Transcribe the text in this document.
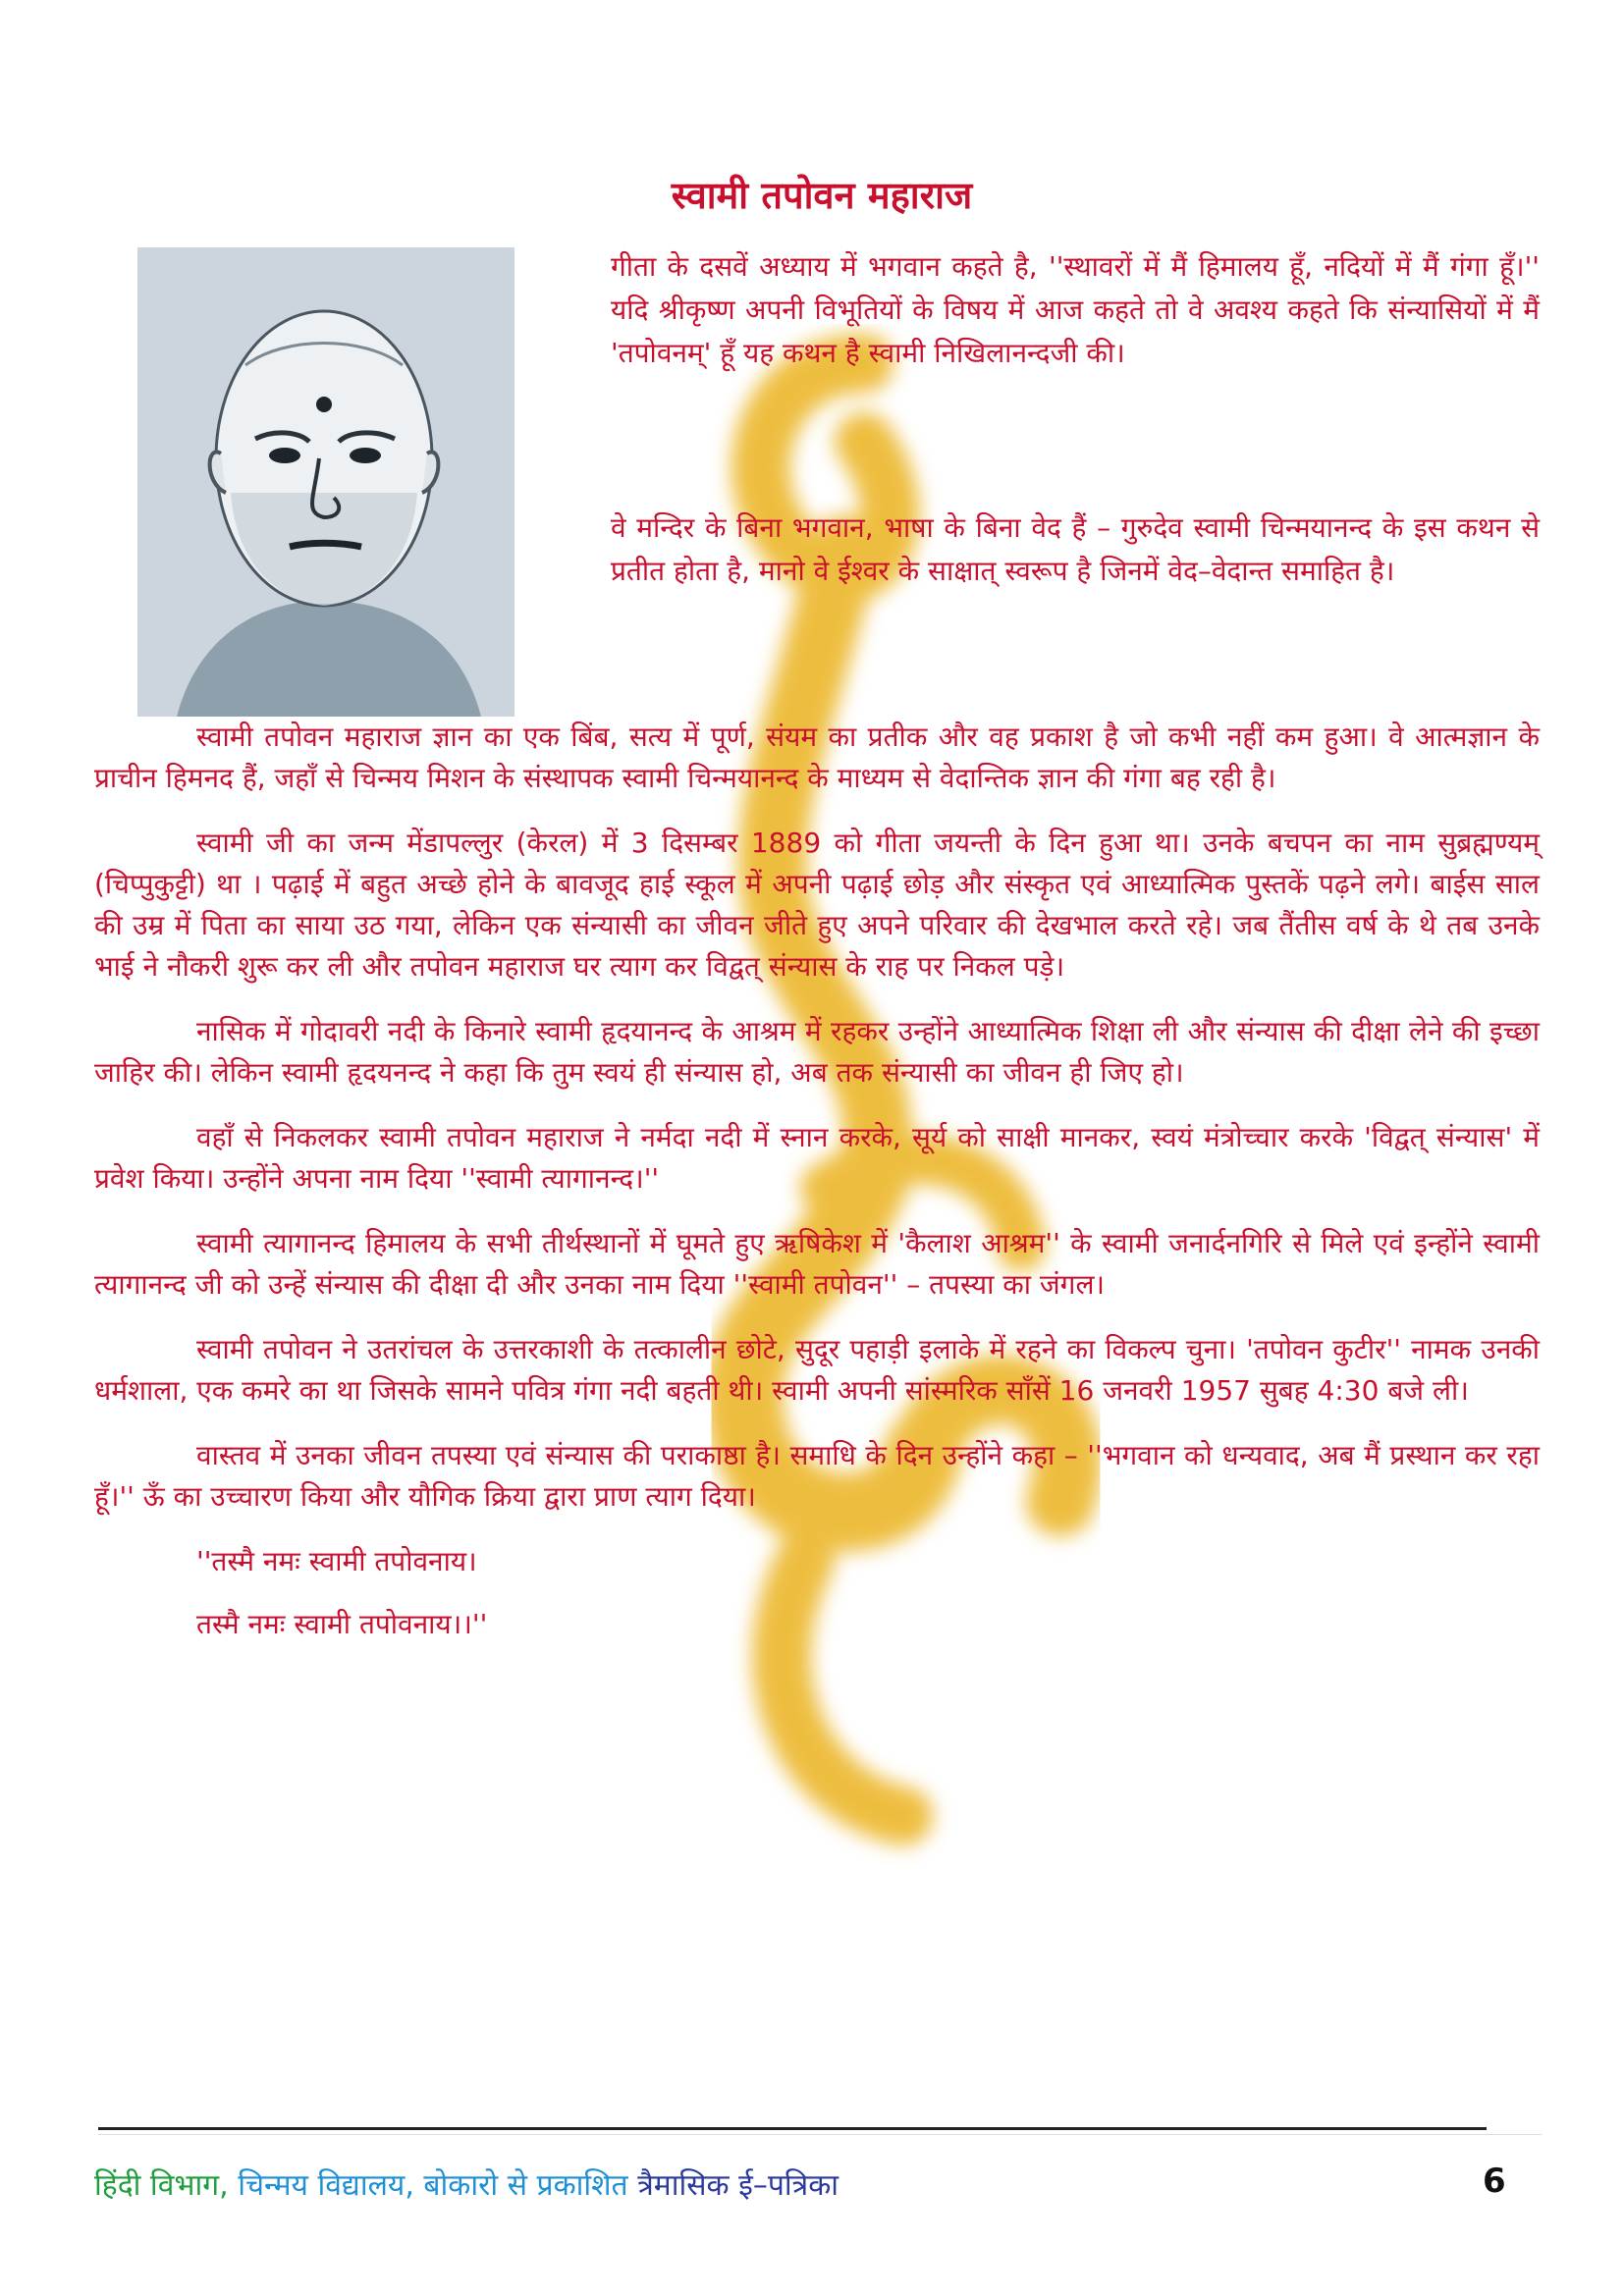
स्वामी तपोवन महाराज

गीता के दसवें अध्याय में भगवान कहते है, ''स्थावरों में मैं हिमालय हूँ, नदियों में मैं गंगा हूँ।'' यदि श्रीकृष्ण अपनी विभूतियों के विषय में आज कहते तो वे अवश्य कहते कि संन्यासियों में मैं 'तपोवनम्' हूँ यह कथन है स्वामी निखिलानन्दजी की।

वे मन्दिर के बिना भगवान, भाषा के बिना वेद हैं – गुरुदेव स्वामी चिन्मयानन्द के इस कथन से प्रतीत होता है, मानो वे ईश्वर के साक्षात् स्वरूप है जिनमें वेद–वेदान्त समाहित है।

स्वामी तपोवन महाराज ज्ञान का एक बिंब, सत्य में पूर्ण, संयम का प्रतीक और वह प्रकाश है जो कभी नहीं कम हुआ। वे आत्मज्ञान के प्राचीन हिमनद हैं, जहाँ से चिन्मय मिशन के संस्थापक स्वामी चिन्मयानन्द के माध्यम से वेदान्तिक ज्ञान की गंगा बह रही है।

स्वामी जी का जन्म मेंडापल्लुर (केरल) में 3 दिसम्बर 1889 को गीता जयन्ती के दिन हुआ था। उनके बचपन का नाम सुब्रह्मण्यम् (चिप्पुकुट्टी) था । पढ़ाई में बहुत अच्छे होने के बावजूद हाई स्कूल में अपनी पढ़ाई छोड़ और संस्कृत एवं आध्यात्मिक पुस्तकें पढ़ने लगे। बाईस साल की उम्र में पिता का साया उठ गया, लेकिन एक संन्यासी का जीवन जीते हुए अपने परिवार की देखभाल करते रहे। जब तैंतीस वर्ष के थे तब उनके भाई ने नौकरी शुरू कर ली और तपोवन महाराज घर त्याग कर विद्वत् संन्यास के राह पर निकल पड़े।

नासिक में गोदावरी नदी के किनारे स्वामी हृदयानन्द के आश्रम में रहकर उन्होंने आध्यात्मिक शिक्षा ली और संन्यास की दीक्षा लेने की इच्छा जाहिर की। लेकिन स्वामी हृदयनन्द ने कहा कि तुम स्वयं ही संन्यास हो, अब तक संन्यासी का जीवन ही जिए हो।

वहाँ से निकलकर स्वामी तपोवन महाराज ने नर्मदा नदी में स्नान करके, सूर्य को साक्षी मानकर, स्वयं मंत्रोच्चार करके 'विद्वत् संन्यास' में प्रवेश किया। उन्होंने अपना नाम दिया ''स्वामी त्यागानन्द।''

स्वामी त्यागानन्द हिमालय के सभी तीर्थस्थानों में घूमते हुए ऋषिकेश में 'कैलाश आश्रम'' के स्वामी जनार्दनगिरि से मिले एवं इन्होंने स्वामी त्यागानन्द जी को उन्हें संन्यास की दीक्षा दी और उनका नाम दिया ''स्वामी तपोवन'' – तपस्या का जंगल।

स्वामी तपोवन ने उतरांचल के उत्तरकाशी के तत्कालीन छोटे, सुदूर पहाड़ी इलाके में रहने का विकल्प चुना। 'तपोवन कुटीर'' नामक उनकी धर्मशाला, एक कमरे का था जिसके सामने पवित्र गंगा नदी बहती थी। स्वामी अपनी सांस्मरिक साँसें 16 जनवरी 1957 सुबह 4:30 बजे ली।

वास्तव में उनका जीवन तपस्या एवं संन्यास की पराकाष्ठा है। समाधि के दिन उन्होंने कहा – ''भगवान को धन्यवाद, अब मैं प्रस्थान कर रहा हूँ।'' ऊँ का उच्चारण किया और यौगिक क्रिया द्वारा प्राण त्याग दिया।

''तस्मै नमः स्वामी तपोवनाय।

तस्मै नमः स्वामी तपोवनाय।।''

हिंदी विभाग, चिन्मय विद्यालय, बोकारो से प्रकाशित त्रैमासिक ई–पत्रिका	6
